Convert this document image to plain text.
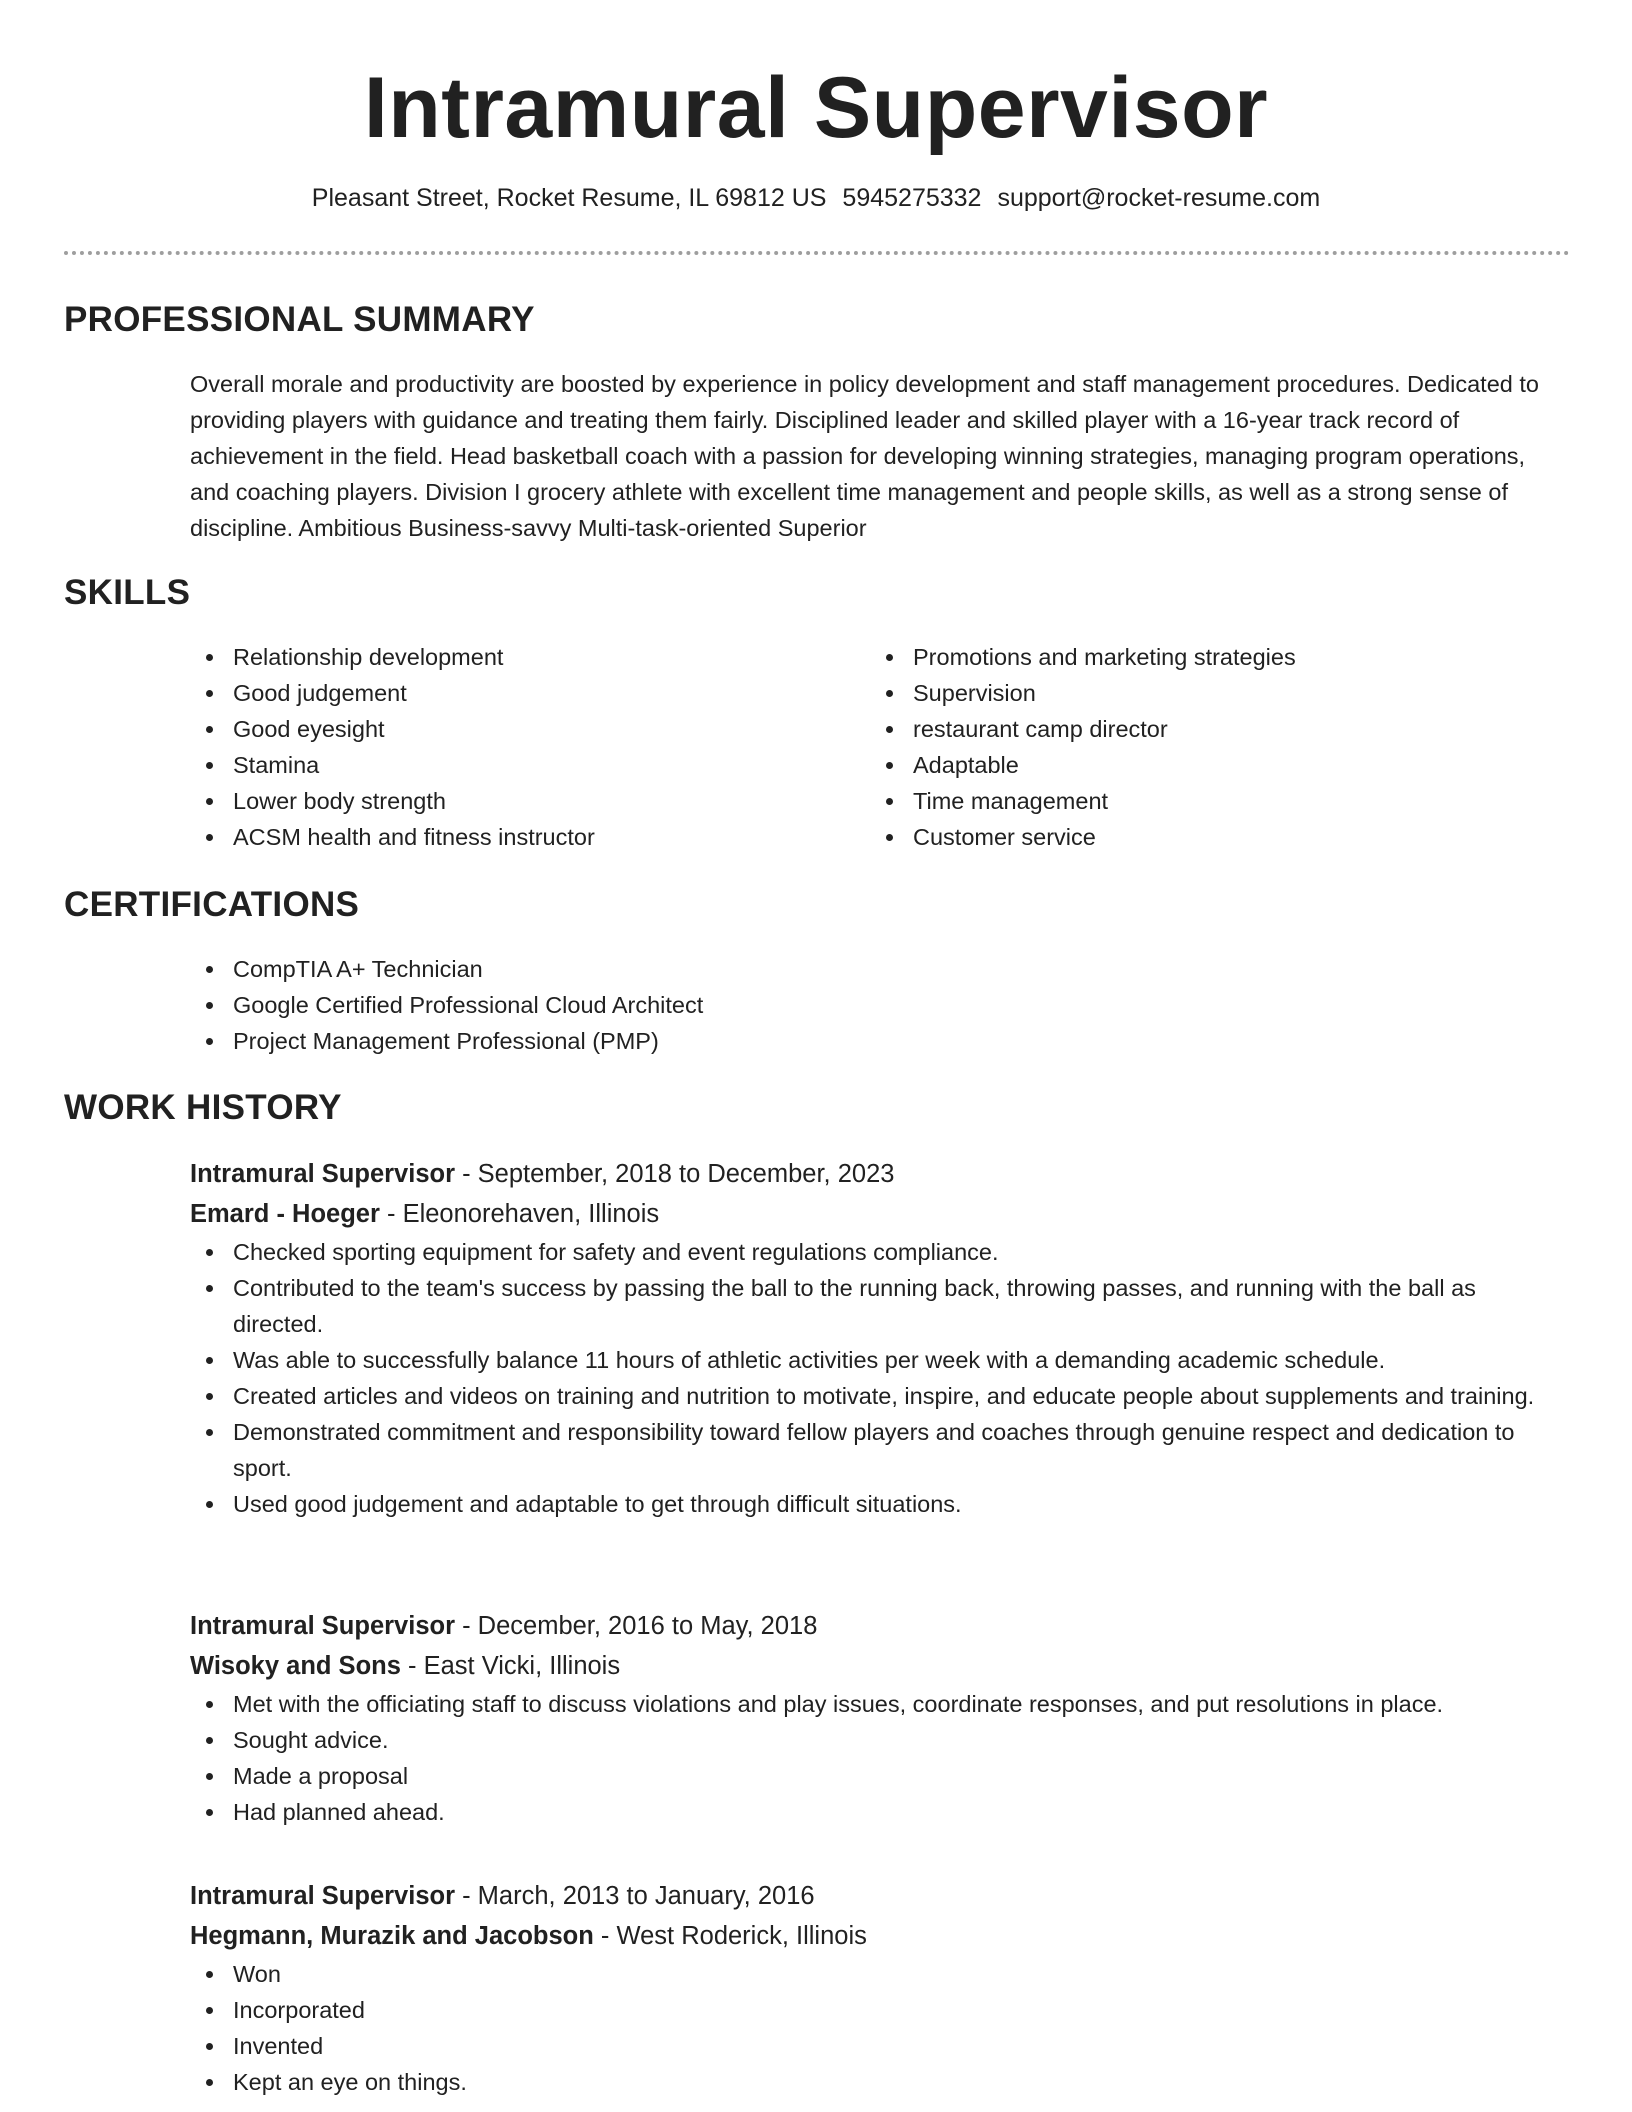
Intramural Supervisor
Pleasant Street, Rocket Resume, IL 69812 US 5945275332 support@rocket-resume.com
PROFESSIONAL SUMMARY
Overall morale and productivity are boosted by experience in policy development and staff management procedures. Dedicated to providing players with guidance and treating them fairly. Disciplined leader and skilled player with a 16-year track record of achievement in the field. Head basketball coach with a passion for developing winning strategies, managing program operations, and coaching players. Division I grocery athlete with excellent time management and people skills, as well as a strong sense of discipline. Ambitious Business-savvy Multi-task-oriented Superior
SKILLS
Relationship development
Good judgement
Good eyesight
Stamina
Lower body strength
ACSM health and fitness instructor
Promotions and marketing strategies
Supervision
restaurant camp director
Adaptable
Time management
Customer service
CERTIFICATIONS
CompTIA A+ Technician
Google Certified Professional Cloud Architect
Project Management Professional (PMP)
WORK HISTORY
Intramural Supervisor - September, 2018 to December, 2023
Emard - Hoeger - Eleonorehaven, Illinois
Checked sporting equipment for safety and event regulations compliance.
Contributed to the team's success by passing the ball to the running back, throwing passes, and running with the ball as directed.
Was able to successfully balance 11 hours of athletic activities per week with a demanding academic schedule.
Created articles and videos on training and nutrition to motivate, inspire, and educate people about supplements and training.
Demonstrated commitment and responsibility toward fellow players and coaches through genuine respect and dedication to sport.
Used good judgement and adaptable to get through difficult situations.
Intramural Supervisor - December, 2016 to May, 2018
Wisoky and Sons - East Vicki, Illinois
Met with the officiating staff to discuss violations and play issues, coordinate responses, and put resolutions in place.
Sought advice.
Made a proposal
Had planned ahead.
Intramural Supervisor - March, 2013 to January, 2016
Hegmann, Murazik and Jacobson - West Roderick, Illinois
Won
Incorporated
Invented
Kept an eye on things.
